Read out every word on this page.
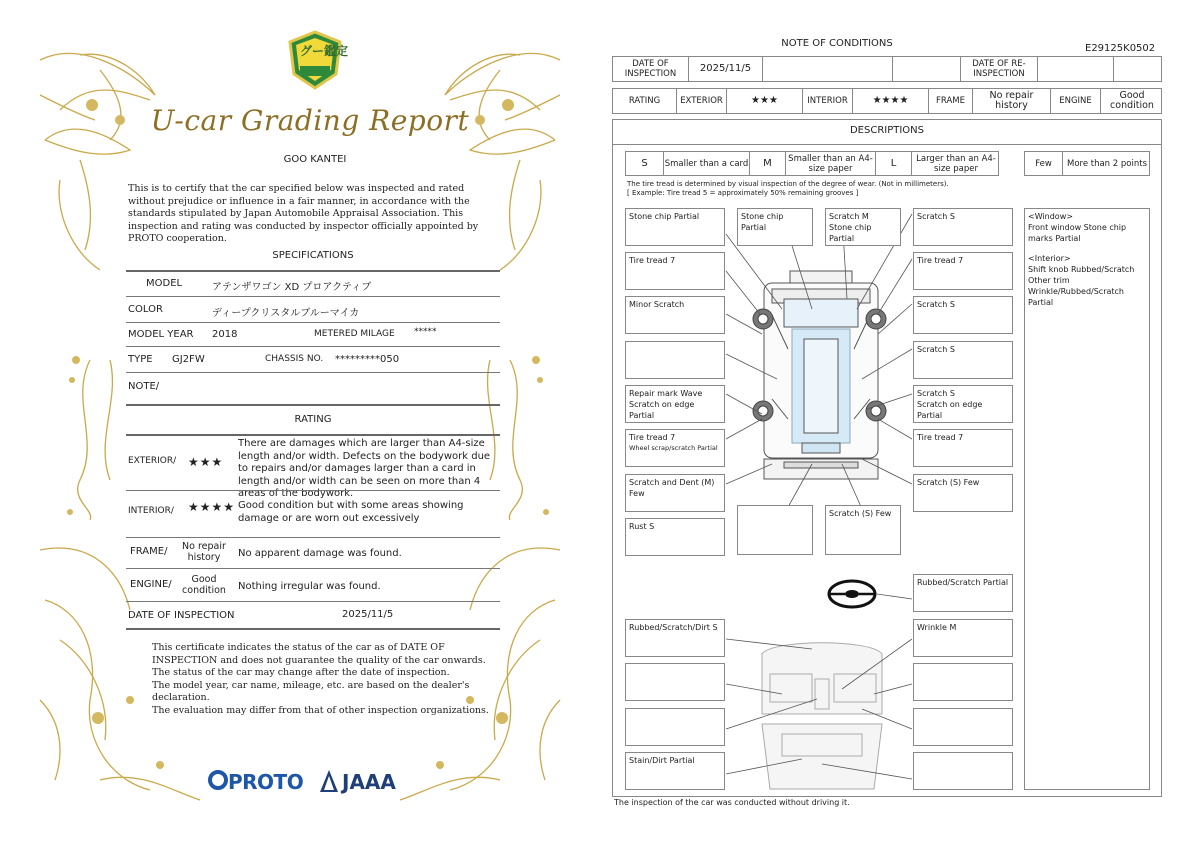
グー鑑定
U-car Grading Report
GOO KANTEI
This is to certify that the car specified below was inspected and rated without prejudice or influence in a fair manner, in accordance with the standards stipulated by Japan Automobile Appraisal Association. This inspection and rating was conducted by inspector officially appointed by PROTO cooperation.
SPECIFICATIONS
MODEL	アテンザワゴン XD プロアクティブ
COLOR	ディープクリスタルブルーマイカ
MODEL YEAR 2018	METERED MILAGE *****
TYPE GJ2FW	CHASSIS NO. *********050
NOTE/
RATING
EXTERIOR/ ★★★
There are damages which are larger than A4-size length and/or width. Defects on the bodywork due to repairs and/or damages larger than a card in length and/or width can be seen on more than 4 areas of the bodywork.
INTERIOR/ ★★★★ Good condition but with some areas showing damage or are worn out excessively
FRAME/	No repair history	No apparent damage was found.
ENGINE/	Good condition	Nothing irregular was found.
DATE OF INSPECTION	2025/11/5
This certificate indicates the status of the car as of DATE OF INSPECTION and does not guarantee the quality of the car onwards.
The status of the car may change after the date of inspection.
The model year, car name, mileage, etc. are based on the dealer's declaration.
The evaluation may differ from that of other inspection organizations.
PROTO JAAA
NOTE OF CONDITIONS	E29125K0502
DATE OF INSPECTION	2025/11/5	DATE OF RE-INSPECTION
RATING	EXTERIOR	★★★	INTERIOR	★★★★	FRAME	No repair history	ENGINE	Good condition
DESCRIPTIONS
S	Smaller than a card	M	Smaller than an A4-size paper	L	Larger than an A4-size paper	Few	More than 2 points
The tire tread is determined by visual inspection of the degree of wear. (Not in millimeters).
[ Example: Tire tread 5 = approximately 50% remaining grooves ]
Stone chip Partial
Tire tread 7
Minor Scratch
Repair mark Wave
Scratch on edge Partial
Tire tread 7
Wheel scrap/scratch Partial
Scratch and Dent (M) Few
Rust S
Stone chip Partial
Scratch M
Stone chip Partial
Scratch S
Tire tread 7
Scratch S
Scratch S
Scratch S
Scratch on edge Partial
Tire tread 7
Scratch (S) Few
Scratch (S) Few
Rubbed/Scratch Partial
Rubbed/Scratch/Dirt S	Wrinkle M
Stain/Dirt Partial
<Window>
Front window Stone chip marks Partial
<Interior>
Shift knob Rubbed/Scratch
Other trim
Wrinkle/Rubbed/Scratch Partial
The inspection of the car was conducted without driving it.
